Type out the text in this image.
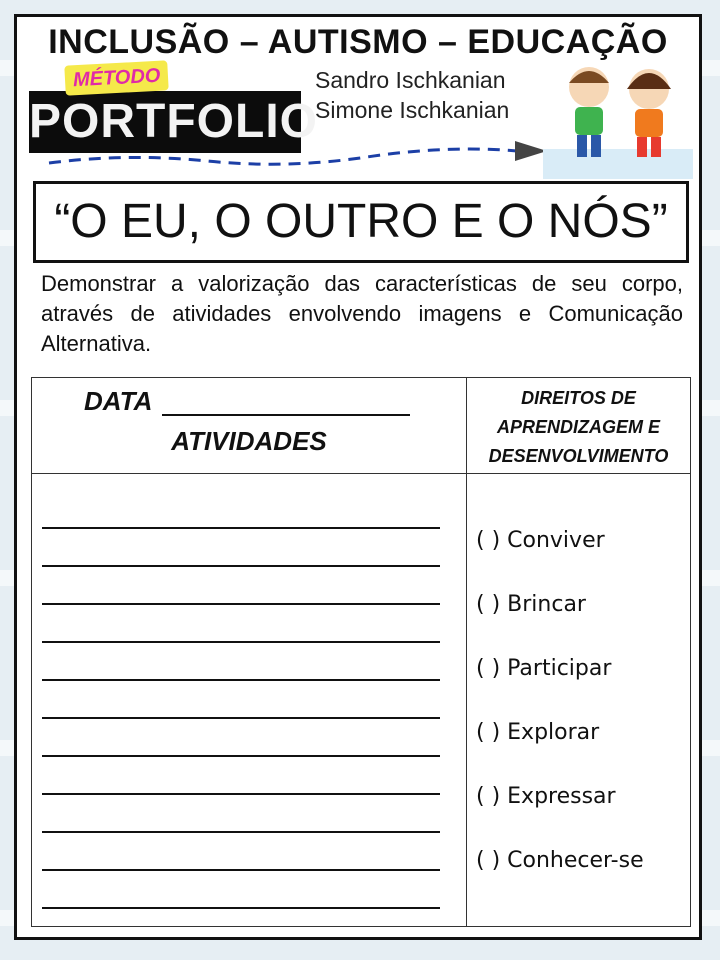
INCLUSÃO – AUTISMO – EDUCAÇÃO
PORTFOLIO
MÉTODO	Sandro Ischkanian
Simone Ischkanian
“O EU, O OUTRO E O NÓS”
Demonstrar a valorização das características de seu corpo, através de atividades envolvendo imagens e Comunicação Alternativa.
DATA
ATIVIDADES
DIREITOS DE
APRENDIZAGEM E
DESENVOLVIMENTO
( ) Conviver
( ) Brincar
( ) Participar
( ) Explorar
( ) Expressar
( ) Conhecer-se
